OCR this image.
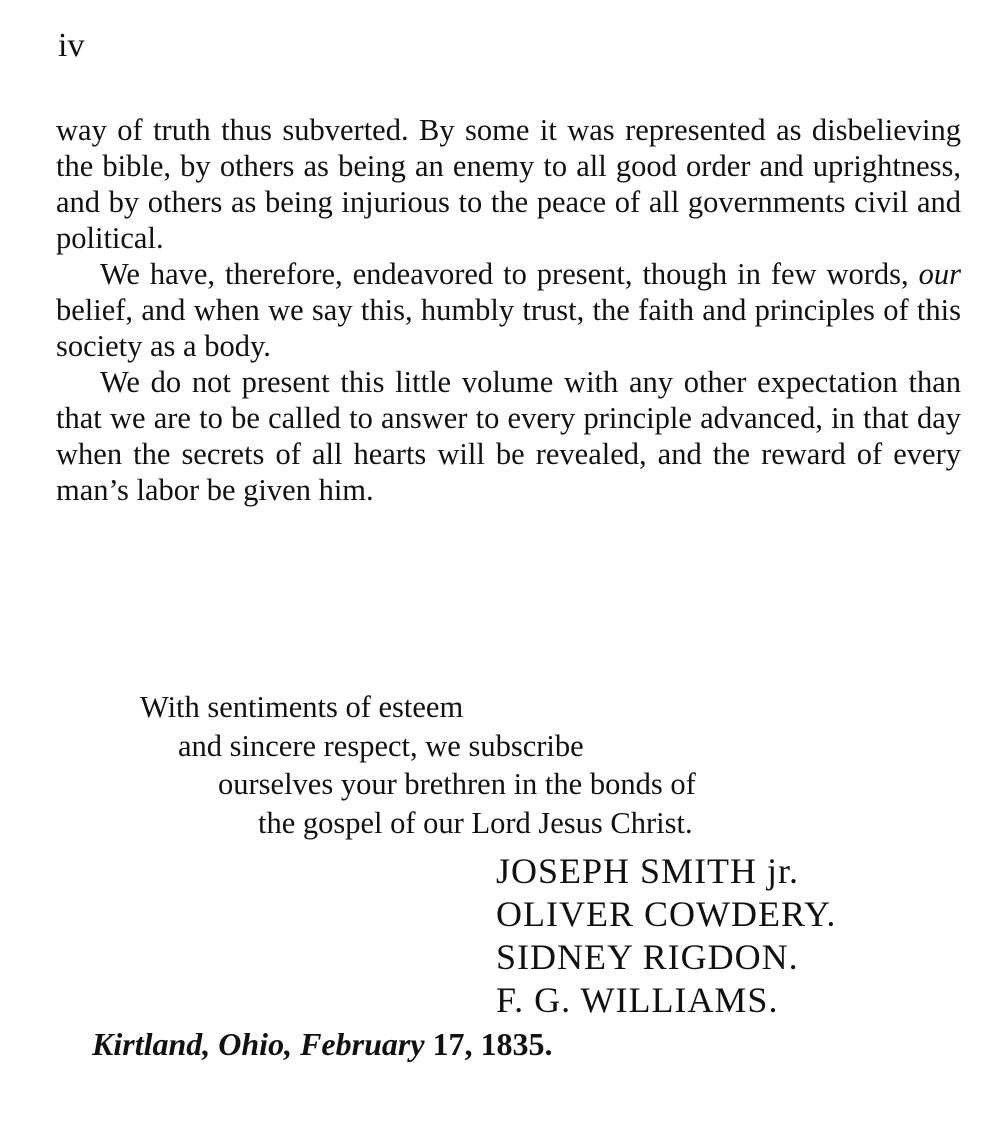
iv

way of truth thus subverted. By some it was represented as disbelieving the bible, by others as being an enemy to all good order and uprightness, and by others as being injurious to the peace of all governments civil and political.

We have, therefore, endeavored to present, though in few words, our belief, and when we say this, humbly trust, the faith and principles of this society as a body.

We do not present this little volume with any other expectation than that we are to be called to answer to every principle advanced, in that day when the secrets of all hearts will be revealed, and the reward of every man’s labor be given him.

With sentiments of esteem
and sincere respect, we subscribe
ourselves your brethren in the bonds of
the gospel of our Lord Jesus Christ.
JOSEPH SMITH jr.
OLIVER COWDERY.
SIDNEY RIGDON.
F. G. WILLIAMS.
Kirtland, Ohio, February 17, 1835.
